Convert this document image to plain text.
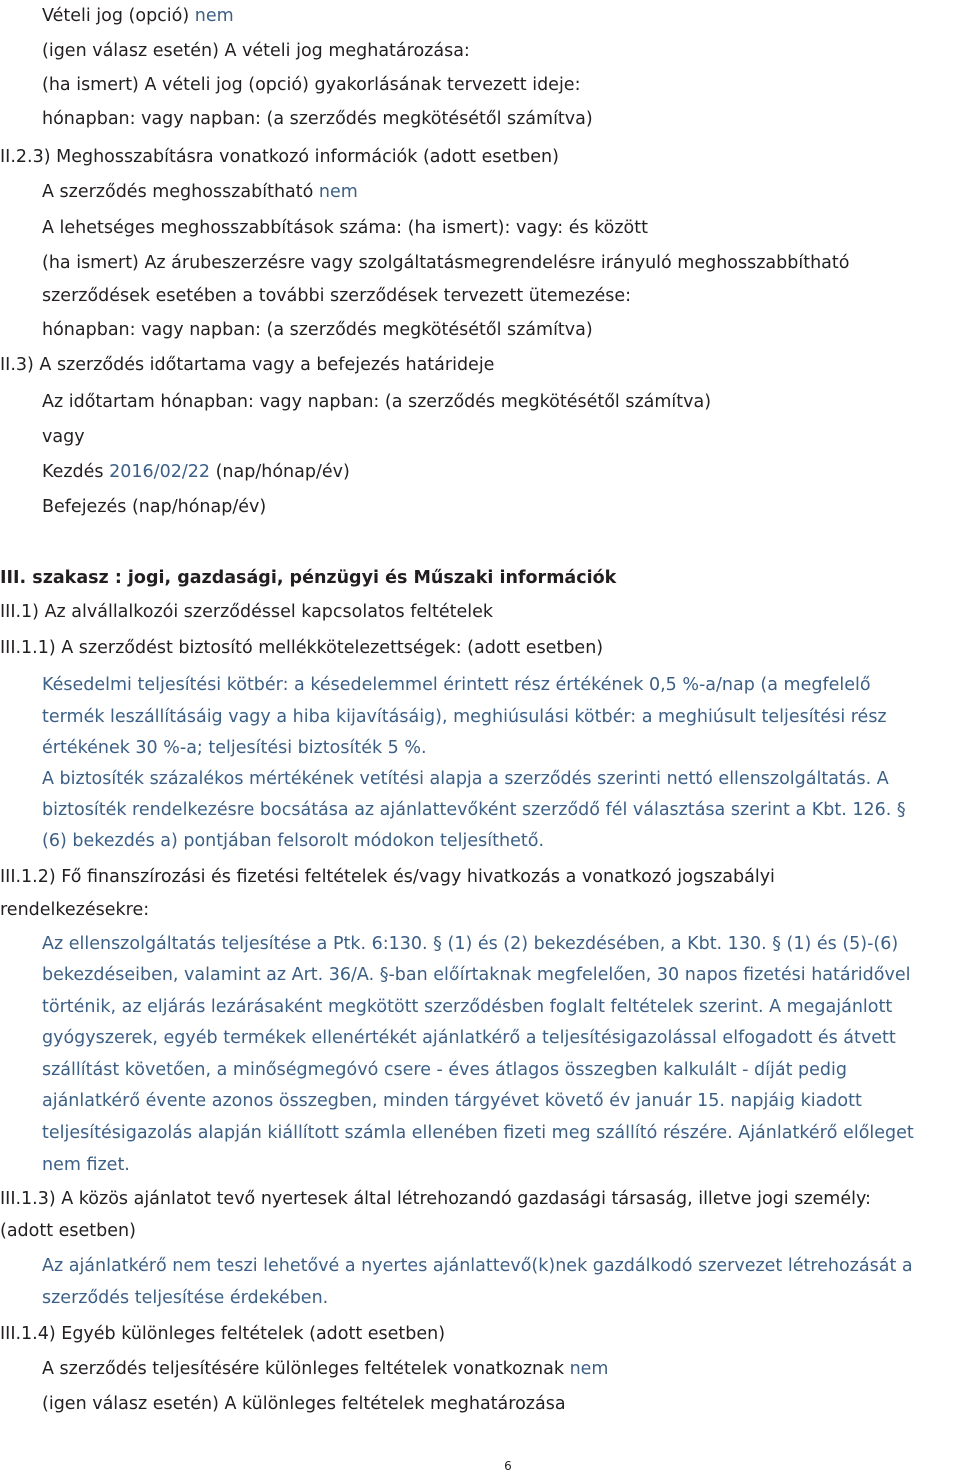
Vételi jog (opció) nem
(igen válasz esetén) A vételi jog meghatározása:
(ha ismert) A vételi jog (opció) gyakorlásának tervezett ideje:
hónapban: vagy napban: (a szerződés megkötésétől számítva)
II.2.3) Meghosszabításra vonatkozó információk (adott esetben)
A szerződés meghosszabítható nem
A lehetséges meghosszabbítások száma: (ha ismert): vagy: és között
(ha ismert) Az árubeszerzésre vagy szolgáltatásmegrendelésre irányuló meghosszabbítható
szerződések esetében a további szerződések tervezett ütemezése:
hónapban: vagy napban: (a szerződés megkötésétől számítva)
II.3) A szerződés időtartama vagy a befejezés határideje
Az időtartam hónapban: vagy napban: (a szerződés megkötésétől számítva)
vagy
Kezdés 2016/02/22 (nap/hónap/év)
Befejezés (nap/hónap/év)
III. szakasz : jogi, gazdasági, pénzügyi és Műszaki információk
III.1) Az alvállalkozói szerződéssel kapcsolatos feltételek
III.1.1) A szerződést biztosító mellékkötelezettségek: (adott esetben)
Késedelmi teljesítési kötbér: a késedelemmel érintett rész értékének 0,5 %-a/nap (a megfelelő
termék leszállításáig vagy a hiba kijavításáig), meghiúsulási kötbér: a meghiúsult teljesítési rész
értékének 30 %-a; teljesítési biztosíték 5 %.
A biztosíték százalékos mértékének vetítési alapja a szerződés szerinti nettó ellenszolgáltatás. A
biztosíték rendelkezésre bocsátása az ajánlattevőként szerződő fél választása szerint a Kbt. 126. §
(6) bekezdés a) pontjában felsorolt módokon teljesíthető.
III.1.2) Fő finanszírozási és fizetési feltételek és/vagy hivatkozás a vonatkozó jogszabályi
rendelkezésekre:
Az ellenszolgáltatás teljesítése a Ptk. 6:130. § (1) és (2) bekezdésében, a Kbt. 130. § (1) és (5)-(6)
bekezdéseiben, valamint az Art. 36/A. §-ban előírtaknak megfelelően, 30 napos fizetési határidővel
történik, az eljárás lezárásaként megkötött szerződésben foglalt feltételek szerint. A megajánlott
gyógyszerek, egyéb termékek ellenértékét ajánlatkérő a teljesítésigazolással elfogadott és átvett
szállítást követően, a minőségmegóvó csere - éves átlagos összegben kalkulált - díját pedig
ajánlatkérő évente azonos összegben, minden tárgyévet követő év január 15. napjáig kiadott
teljesítésigazolás alapján kiállított számla ellenében fizeti meg szállító részére. Ajánlatkérő előleget
nem fizet.
III.1.3) A közös ajánlatot tevő nyertesek által létrehozandó gazdasági társaság, illetve jogi személy:
(adott esetben)
Az ajánlatkérő nem teszi lehetővé a nyertes ajánlattevő(k)nek gazdálkodó szervezet létrehozását a
szerződés teljesítése érdekében.
III.1.4) Egyéb különleges feltételek (adott esetben)
A szerződés teljesítésére különleges feltételek vonatkoznak nem
(igen válasz esetén) A különleges feltételek meghatározása
6
